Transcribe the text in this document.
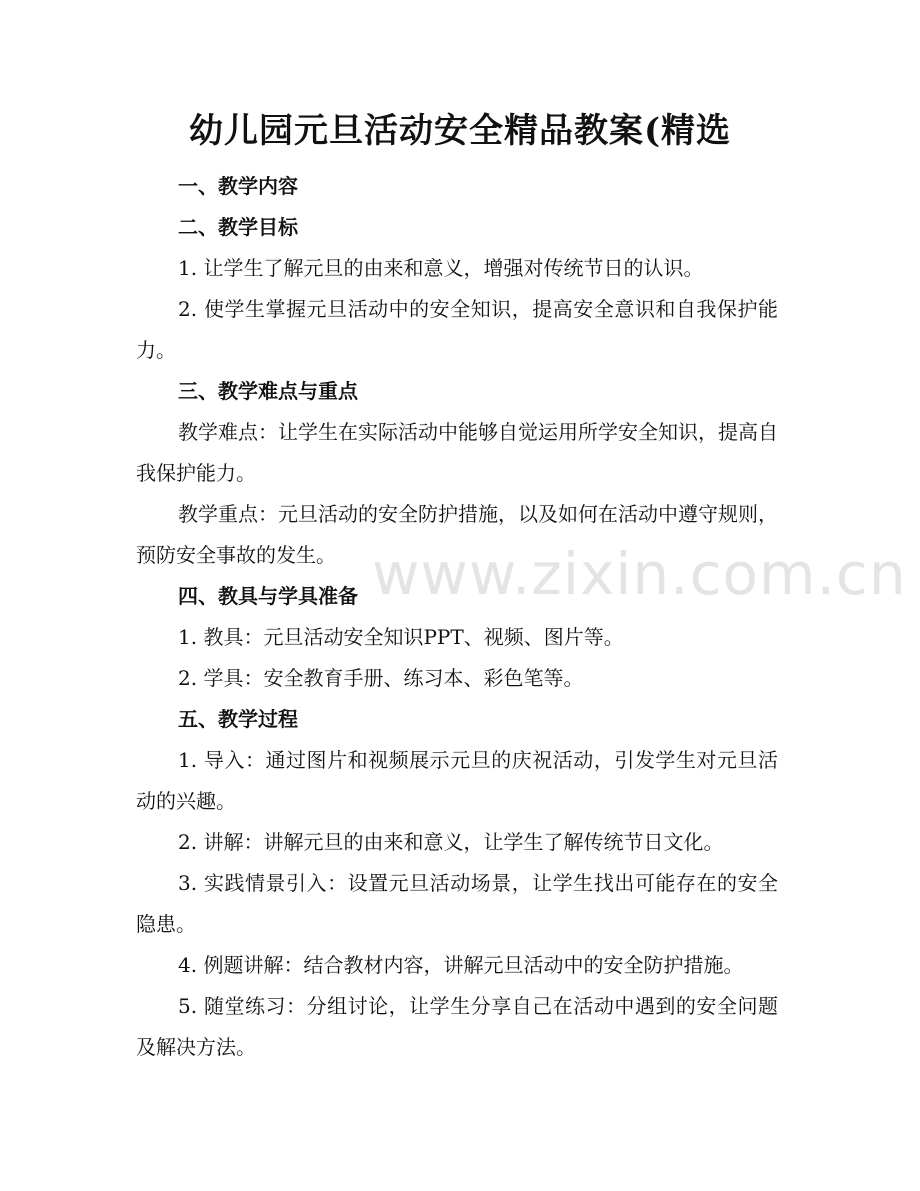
幼儿园元旦活动安全精品教案(精选

一、教学内容

二、教学目标

1. 让学生了解元旦的由来和意义，增强对传统节日的认识。

2. 使学生掌握元旦活动中的安全知识，提高安全意识和自我保护能力。

三、教学难点与重点

教学难点：让学生在实际活动中能够自觉运用所学安全知识，提高自我保护能力。

教学重点：元旦活动的安全防护措施，以及如何在活动中遵守规则，预防安全事故的发生。

四、教具与学具准备

1. 教具：元旦活动安全知识PPT、视频、图片等。

2. 学具：安全教育手册、练习本、彩色笔等。

五、教学过程

1. 导入：通过图片和视频展示元旦的庆祝活动，引发学生对元旦活动的兴趣。

2. 讲解：讲解元旦的由来和意义，让学生了解传统节日文化。

3. 实践情景引入：设置元旦活动场景，让学生找出可能存在的安全隐患。

4. 例题讲解：结合教材内容，讲解元旦活动中的安全防护措施。

5. 随堂练习：分组讨论，让学生分享自己在活动中遇到的安全问题及解决方法。

www.zixin.com.cn
